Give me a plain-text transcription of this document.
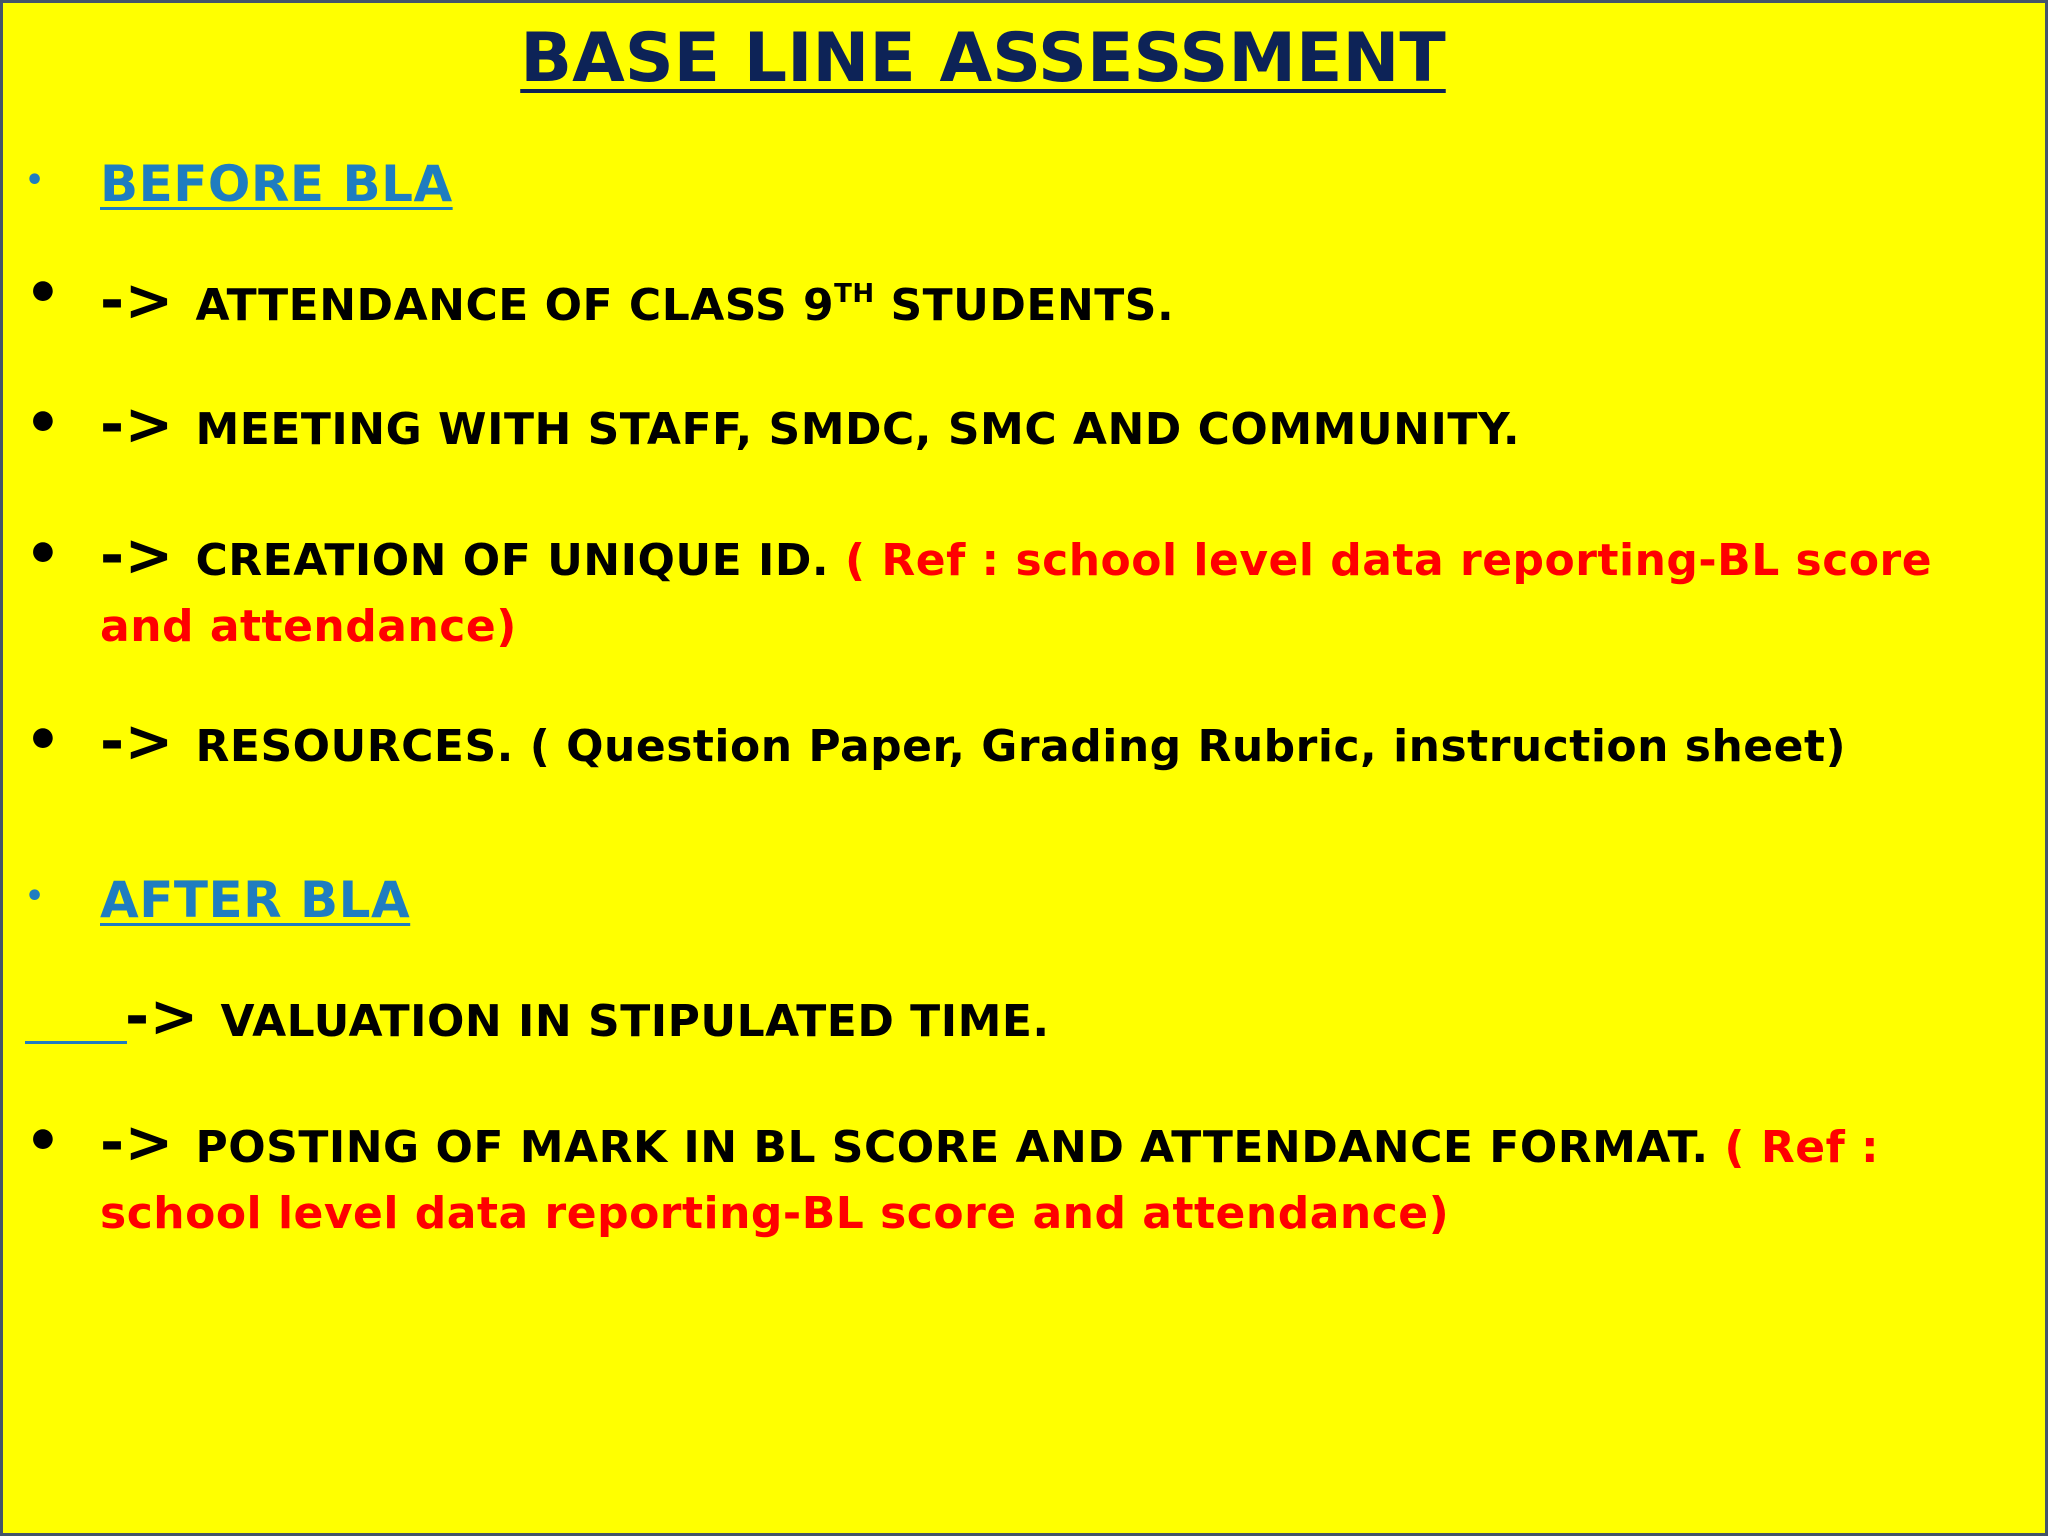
BASE LINE ASSESSMENT
• BEFORE BLA
• -> ATTENDANCE OF CLASS 9TH STUDENTS.
• -> MEETING WITH STAFF, SMDC, SMC AND COMMUNITY.
• -> CREATION OF UNIQUE ID. ( Ref : school level data reporting-BL score and attendance)
• -> RESOURCES. ( Question Paper, Grading Rubric, instruction sheet)
• AFTER BLA
-> VALUATION IN STIPULATED TIME.
• -> POSTING OF MARK IN BL SCORE AND ATTENDANCE FORMAT. ( Ref : school level data reporting-BL score and attendance)
